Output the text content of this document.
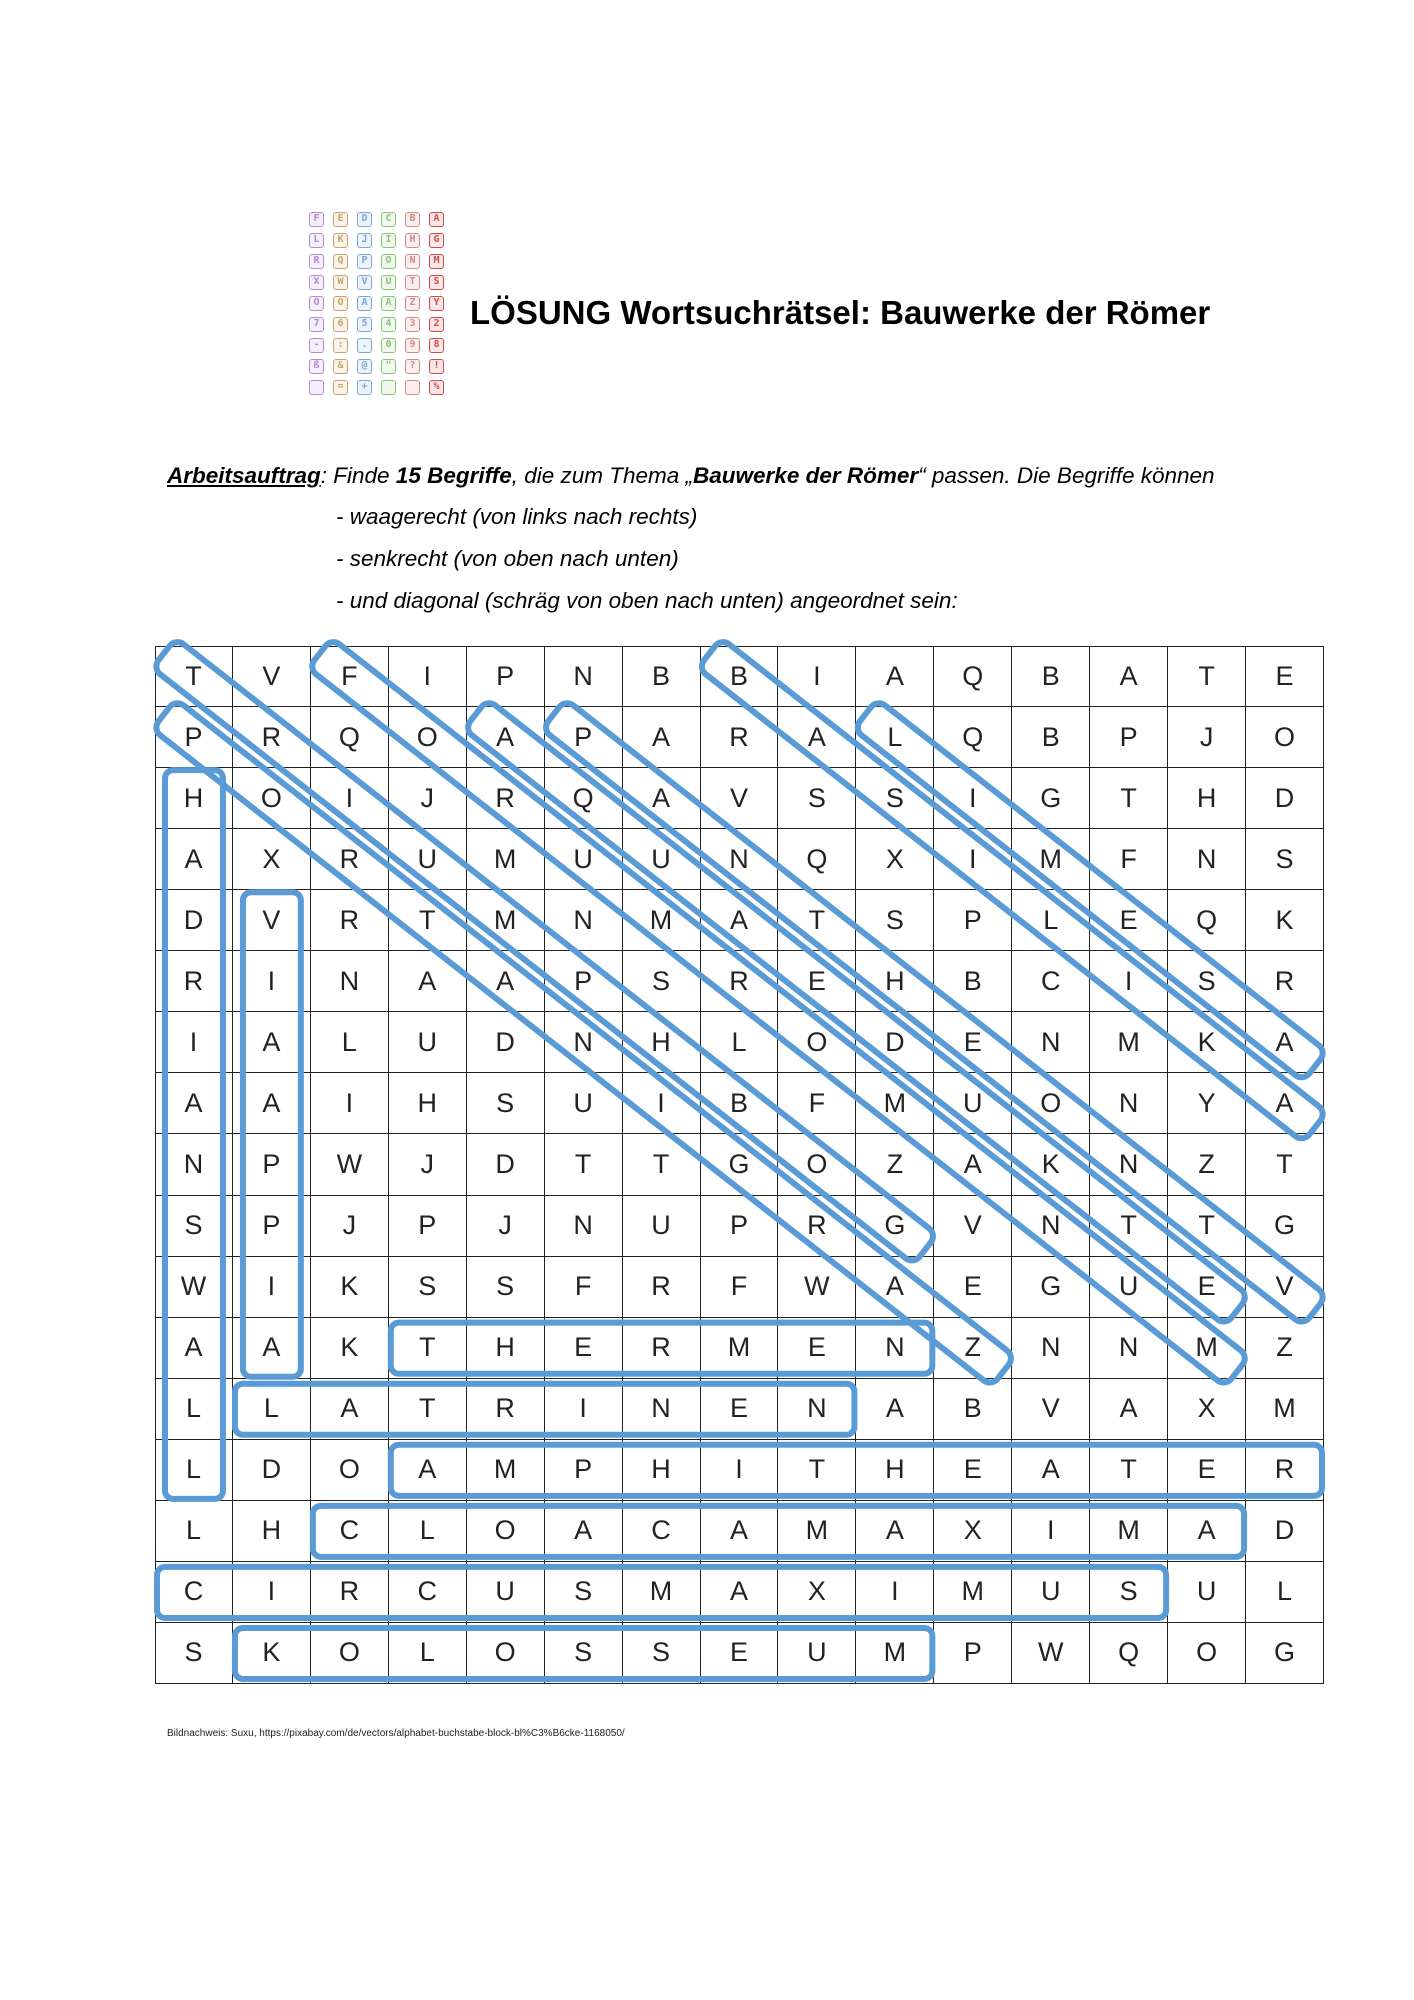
F	E	D	C	B	A
L	K	J	I	H	G
R	Q	P	O	N	M
X	W	V	U	T	S
Ö	Ö	Ä	Ä	Z	Y
7	6	5	4	3	2
-	:	.	0	9	8
ß	&	@	"	?	!
=	+	%
LÖSUNG Wortsuchrätsel: Bauwerke der Römer
Arbeitsauftrag: Finde 15 Begriffe, die zum Thema „Bauwerke der Römer“ passen. Die Begriffe können
- waagerecht (von links nach rechts)
- senkrecht (von oben nach unten)
- und diagonal (schräg von oben nach unten) angeordnet sein:
T	V	F	I	P	N	B	B	I	A	Q	B	A	T	E
P	R	Q	O	A	P	A	R	A	L	Q	B	P	J	O
H	O	I	J	R	Q	A	V	S	S	I	G	T	H	D
A	X	R	U	M	U	U	N	Q	X	I	M	F	N	S
D	V	R	T	M	N	M	A	T	S	P	L	E	Q	K
R	I	N	A	A	P	S	R	E	H	B	C	I	S	R
I	A	L	U	D	N	H	L	O	D	E	N	M	K	A
A	A	I	H	S	U	I	B	F	M	U	O	N	Y	A
N	P	W	J	D	T	T	G	O	Z	A	K	N	Z	T
S	P	J	P	J	N	U	P	R	G	V	N	T	T	G
W	I	K	S	S	F	R	F	W	A	E	G	U	E	V
A	A	K	T	H	E	R	M	E	N	Z	N	N	M	Z
L	L	A	T	R	I	N	E	N	A	B	V	A	X	M
L	D	O	A	M	P	H	I	T	H	E	A	T	E	R
L	H	C	L	O	A	C	A	M	A	X	I	M	A	D
C	I	R	C	U	S	M	A	X	I	M	U	S	U	L
S	K	O	L	O	S	S	E	U	M	P	W	Q	O	G
Bildnachweis: Suxu, https://pixabay.com/de/vectors/alphabet-buchstabe-block-bl%C3%B6cke-1168050/
